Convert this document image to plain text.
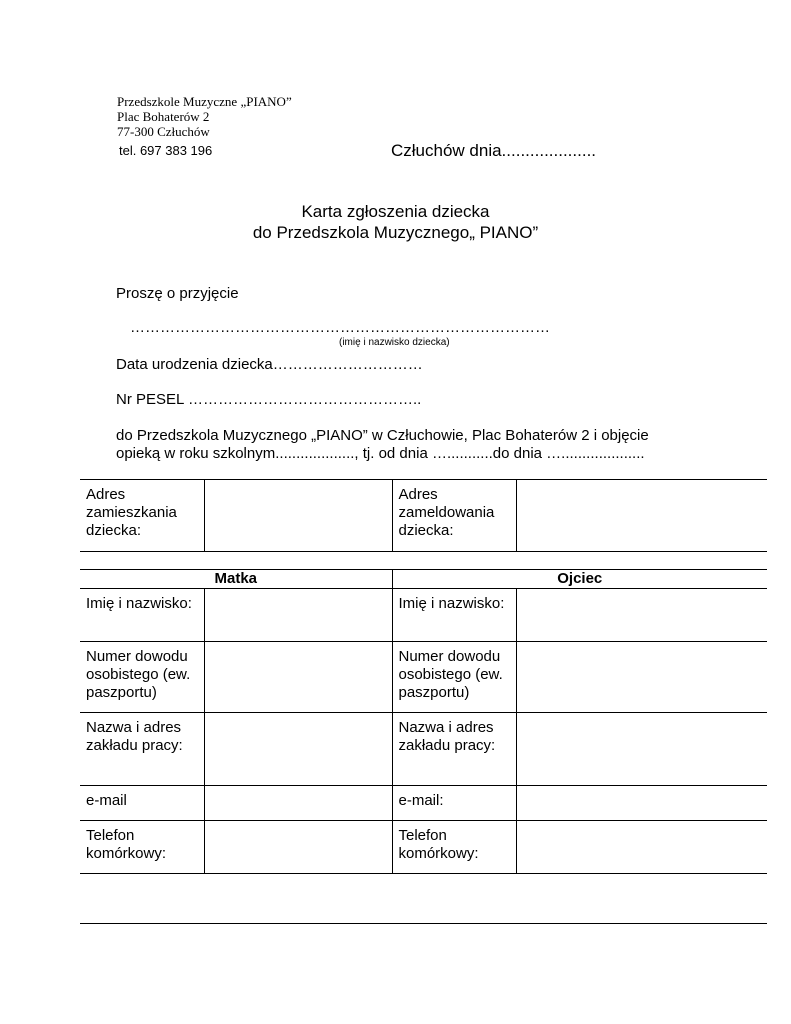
Przedszkole Muzyczne „PIANO”
Plac Bohaterów 2
77-300 Człuchów
tel. 697 383 196	Człuchów dnia....................
Karta zgłoszenia dziecka
do Przedszkola Muzycznego„ PIANO”
Proszę o przyjęcie
…………………………………………………………………………
(imię i nazwisko dziecka)
Data urodzenia dziecka…………………………
Nr PESEL ………………………………………..
do Przedszkola Muzycznego „PIANO” w Człuchowie, Plac Bohaterów 2 i objęcie
opieką w roku szkolnym..................., tj. od dnia …...........do dnia …....................
Adres zamieszkania dziecka:		Adres zameldowania dziecka:	
Matka		Ojciec	
Imię i nazwisko:		Imię i nazwisko:	
Numer dowodu osobistego (ew. paszportu)		Numer dowodu osobistego (ew. paszportu)	
Nazwa i adres zakładu pracy:		Nazwa i adres zakładu pracy:	
e-mail		e-mail:	
Telefon komórkowy:		Telefon komórkowy:	
